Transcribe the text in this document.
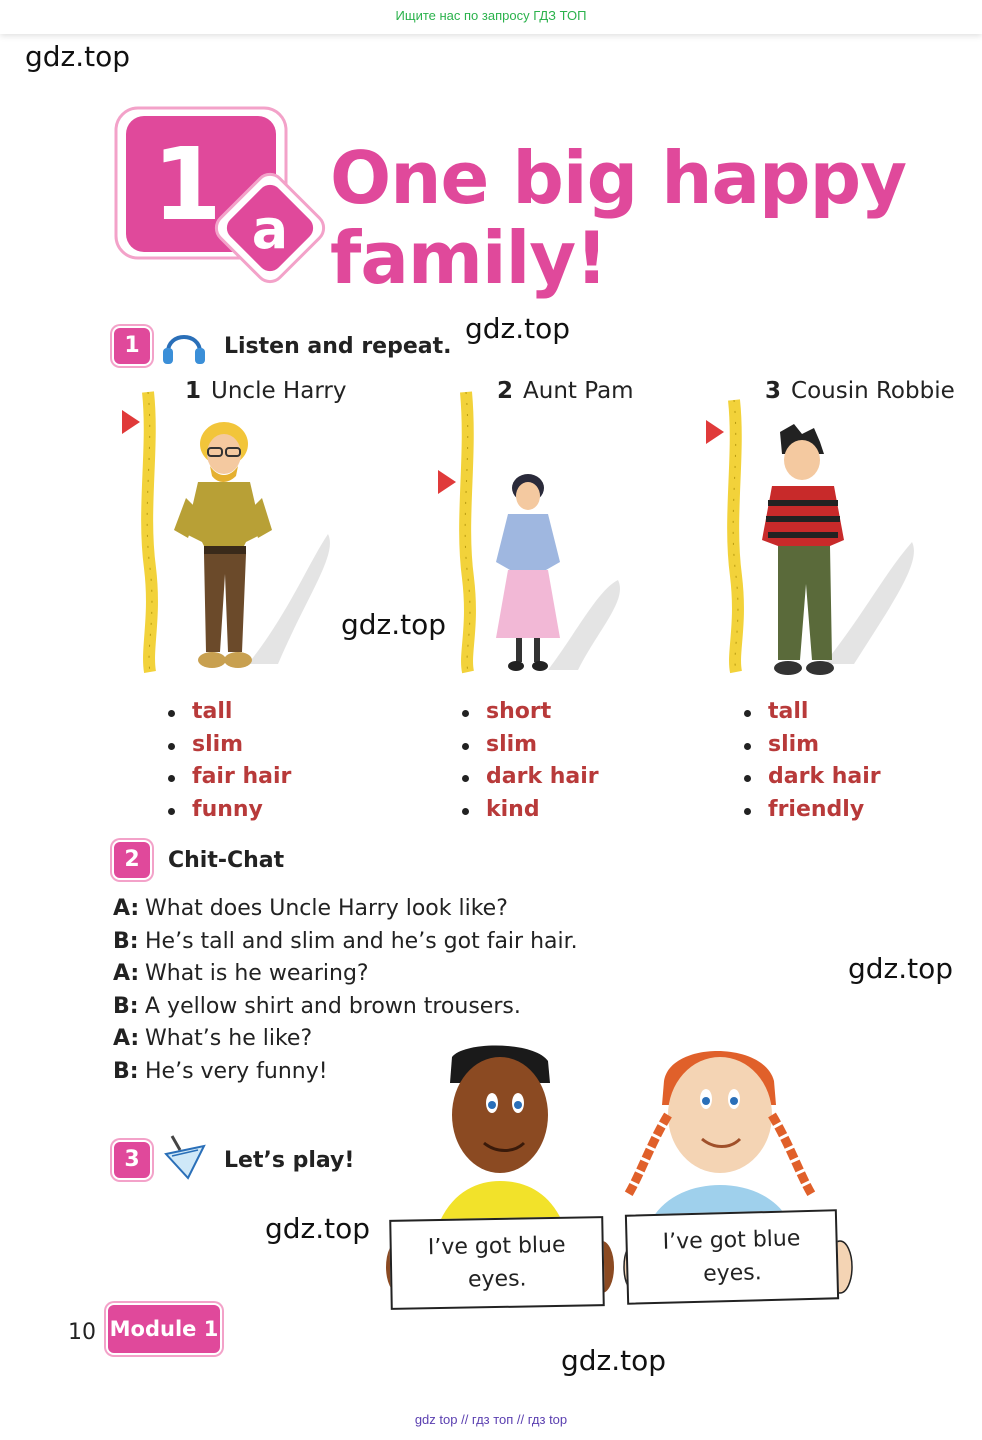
Ищите нас по запросу ГДЗ ТОП
gdz.top
gdz.top
gdz.top
gdz.top
gdz.top
gdz.top
1 a
One big happy
family!
1	Listen and repeat.
1 Uncle Harry	2 Aunt Pam	3 Cousin Robbie
tall
slim
fair hair
funny
short
slim
dark hair
kind
tall
slim
dark hair
friendly
2	Chit-Chat
A: What does Uncle Harry look like?
B: He’s tall and slim and he’s got fair hair.
A: What is he wearing?
B: A yellow shirt and brown trousers.
A: What’s he like?
B: He’s very funny!
3	Let’s play!
I’ve got blue
eyes.
I’ve got blue
eyes.
10 Module 1
gdz top // гдз топ // гдз top
